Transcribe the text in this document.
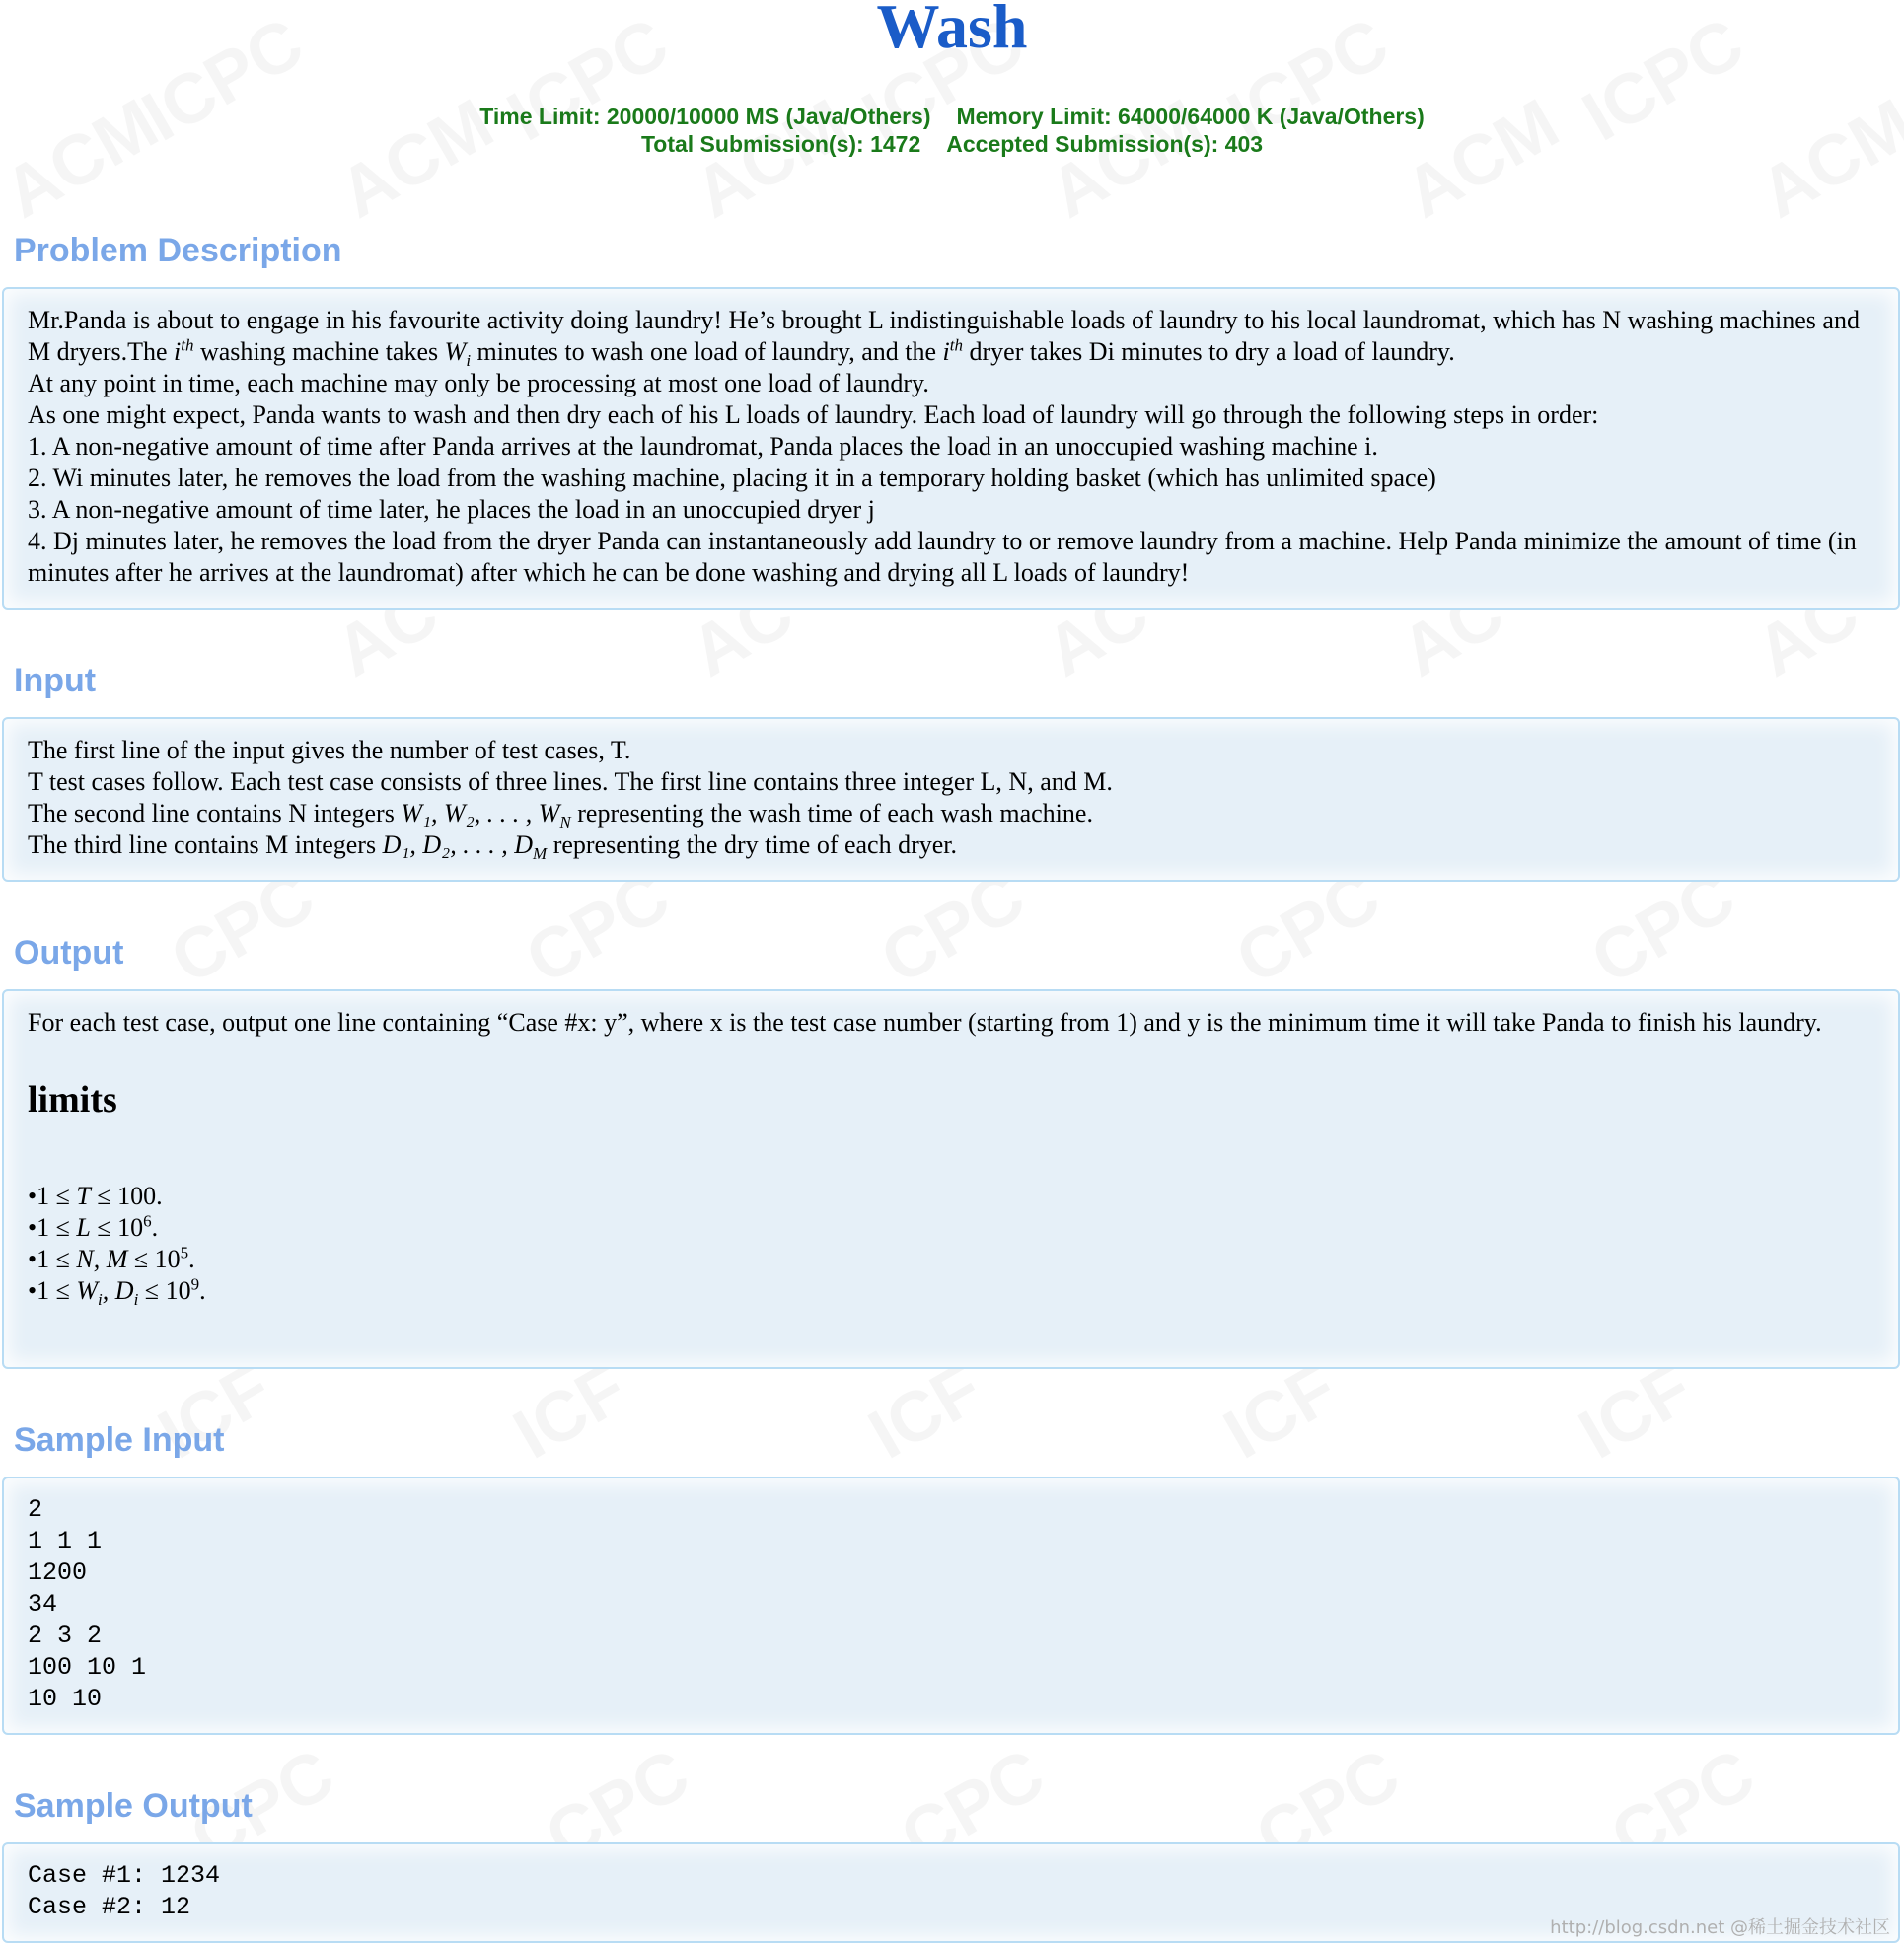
Wash
Time Limit: 20000/10000 MS (Java/Others) Memory Limit: 64000/64000 K (Java/Others)
Total Submission(s): 1472 Accepted Submission(s): 403
Problem Description

Mr.Panda is about to engage in his favourite activity doing laundry! He’s brought L indistinguishable loads of laundry to his local laundromat, which has N washing machines and M dryers.The $i^{th}$ washing machine takes $W_i$ minutes to wash one load of laundry, and the $i^{th}$ dryer takes Di minutes to dry a load of laundry.

At any point in time, each machine may only be processing at most one load of laundry.

As one might expect, Panda wants to wash and then dry each of his L loads of laundry. Each load of laundry will go through the following steps in order:

1. A non-negative amount of time after Panda arrives at the laundromat, Panda places the load in an unoccupied washing machine i.

2. Wi minutes later, he removes the load from the washing machine, placing it in a temporary holding basket (which has unlimited space)

3. A non-negative amount of time later, he places the load in an unoccupied dryer j

4. Dj minutes later, he removes the load from the dryer Panda can instantaneously add laundry to or remove laundry from a machine. Help Panda minimize the amount of time (in minutes after he arrives at the laundromat) after which he can be done washing and drying all L loads of laundry!

Input

The first line of the input gives the number of test cases, T.

T test cases follow. Each test case consists of three lines. The first line contains three integer L, N, and M.

The second line contains N integers W₁, W₂, . . . , $W_N$ representing the wash time of each wash machine.

The third line contains M integers D₁, D₂, . . . , $D_M$ representing the dry time of each dryer.

Output

For each test case, output one line containing “Case #x: y”, where x is the test case number (starting from 1) and y is the minimum time it will take Panda to finish his laundry.

limits

•1 ≤ T ≤ 100.

•1 ≤ $L \le 10^6$.

•1 ≤ N, $M \le 10^5$.

•1 ≤ $W_i$, $D_i \le 10^9$.

Sample Input

2

1 1 1

1200

34

2 3 2

100 10 1

10 10

Sample Output

Case #1: 1234

Case #2: 12

http://blog.csdn.net @稀土掘金技术社区
